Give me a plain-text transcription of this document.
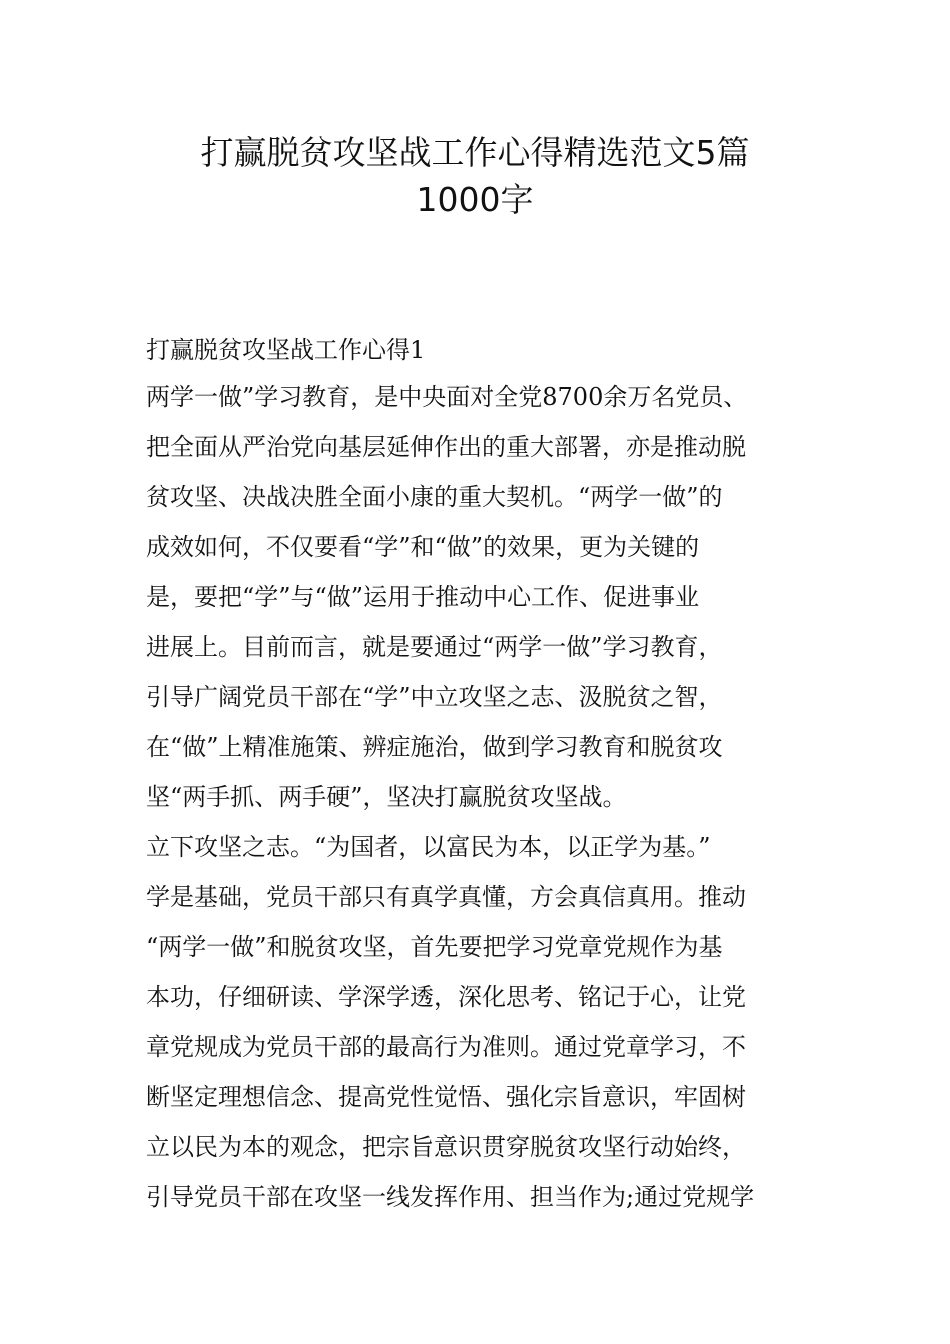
打赢脱贫攻坚战工作心得精选范文5篇
1000字
打赢脱贫攻坚战工作心得1
两学一做”学习教育，是中央面对全党8700余万名党员、
把全面从严治党向基层延伸作出的重大部署，亦是推动脱
贫攻坚、决战决胜全面小康的重大契机。“两学一做”的
成效如何，不仅要看“学”和“做”的效果，更为关键的
是，要把“学”与“做”运用于推动中心工作、促进事业
进展上。目前而言，就是要通过“两学一做”学习教育，
引导广阔党员干部在“学”中立攻坚之志、汲脱贫之智，
在“做”上精准施策、辨症施治，做到学习教育和脱贫攻
坚“两手抓、两手硬”，坚决打赢脱贫攻坚战。
立下攻坚之志。“为国者，以富民为本，以正学为基。”
学是基础，党员干部只有真学真懂，方会真信真用。推动
“两学一做”和脱贫攻坚，首先要把学习党章党规作为基
本功，仔细研读、学深学透，深化思考、铭记于心，让党
章党规成为党员干部的最高行为准则。通过党章学习，不
断坚定理想信念、提高党性觉悟、强化宗旨意识，牢固树
立以民为本的观念，把宗旨意识贯穿脱贫攻坚行动始终，
引导党员干部在攻坚一线发挥作用、担当作为;通过党规学
